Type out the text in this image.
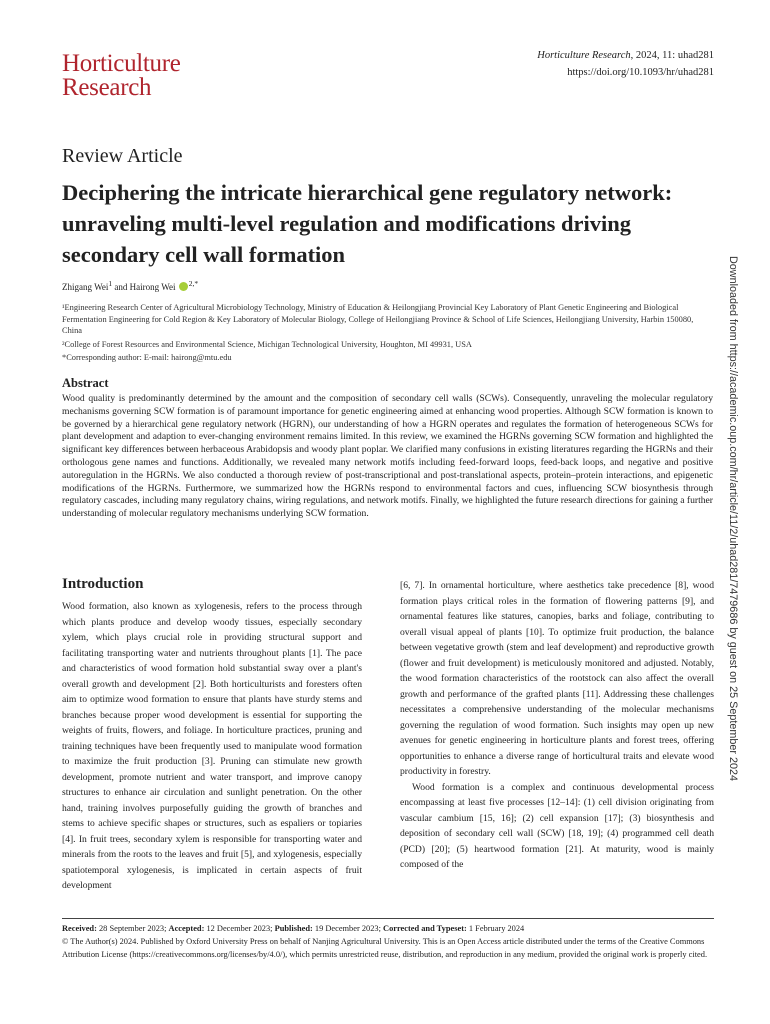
Horticulture
Research
Horticulture Research, 2024, 11: uhad281
https://doi.org/10.1093/hr/uhad281
Review Article
Deciphering the intricate hierarchical gene regulatory network: unraveling multi-level regulation and modifications driving secondary cell wall formation
Zhigang Wei$^1$ and Hairong Wei $^{2,*}$

¹Engineering Research Center of Agricultural Microbiology Technology, Ministry of Education & Heilongjiang Provincial Key Laboratory of Plant Genetic Engineering and Biological Fermentation Engineering for Cold Region & Key Laboratory of Molecular Biology, College of Heilongjiang Province & School of Life Sciences, Heilongjiang University, Harbin 150080, China

²College of Forest Resources and Environmental Science, Michigan Technological University, Houghton, MI 49931, USA

*Corresponding author: E-mail: hairong@mtu.edu

Abstract
Wood quality is predominantly determined by the amount and the composition of secondary cell walls (SCWs). Consequently, unraveling the molecular regulatory mechanisms governing SCW formation is of paramount importance for genetic engineering aimed at enhancing wood properties. Although SCW formation is known to be governed by a hierarchical gene regulatory network (HGRN), our understanding of how a HGRN operates and regulates the formation of heterogeneous SCWs for plant development and adaption to ever-changing environment remains limited. In this review, we examined the HGRNs governing SCW formation and highlighted the significant key differences between herbaceous Arabidopsis and woody plant poplar. We clarified many confusions in existing literatures regarding the HGRNs and their orthologous gene names and functions. Additionally, we revealed many network motifs including feed-forward loops, feed-back loops, and negative and positive autoregulation in the HGRNs. We also conducted a thorough review of post-transcriptional and post-translational aspects, protein–protein interactions, and epigenetic modifications of the HGRNs. Furthermore, we summarized how the HGRNs respond to environmental factors and cues, influencing SCW biosynthesis through regulatory cascades, including many regulatory chains, wiring regulations, and network motifs. Finally, we highlighted the future research directions for gaining a further understanding of molecular regulatory mechanisms underlying SCW formation.
Introduction

Wood formation, also known as xylogenesis, refers to the process through which plants produce and develop woody tissues, especially secondary xylem, which plays crucial role in providing structural support and facilitating transporting water and nutrients throughout plants [1]. The pace and characteristics of wood formation hold substantial sway over a plant's overall growth and development [2]. Both horticulturists and foresters often aim to optimize wood formation to ensure that plants have sturdy stems and branches because proper wood development is essential for supporting the weights of fruits, flowers, and foliage. In horticulture practices, pruning and training techniques have been frequently used to manipulate wood formation to maximize the fruit production [3]. Pruning can stimulate new growth development, promote nutrient and water transport, and improve canopy structures to enhance air circulation and sunlight penetration. On the other hand, training involves purposefully guiding the growth of branches and stems to achieve specific shapes or structures, such as espaliers or topiaries [4]. In fruit trees, secondary xylem is responsible for transporting water and minerals from the roots to the leaves and fruit [5], and xylogenesis, especially spatiotemporal xylogenesis, is implicated in certain aspects of fruit development

[6, 7]. In ornamental horticulture, where aesthetics take precedence [8], wood formation plays critical roles in the formation of flowering patterns [9], and ornamental features like statures, canopies, barks and foliage, contributing to overall visual appeal of plants [10]. To optimize fruit production, the balance between vegetative growth (stem and leaf development) and reproductive growth (flower and fruit development) is meticulously monitored and adjusted. Notably, the wood formation characteristics of the rootstock can also affect the overall growth and performance of the grafted plants [11]. Addressing these challenges necessitates a comprehensive understanding of the molecular mechanisms governing the regulation of wood formation. Such insights may open up new avenues for genetic engineering in horticulture plants and forest trees, offering opportunities to enhance a diverse range of horticultural traits and elevate wood productivity in forestry.

Wood formation is a complex and continuous developmental process encompassing at least five processes [12–14]: (1) cell division originating from vascular cambium [15, 16]; (2) cell expansion [17]; (3) biosynthesis and deposition of secondary cell wall (SCW) [18, 19]; (4) programmed cell death (PCD) [20]; (5) heartwood formation [21]. At maturity, wood is mainly composed of the

Received: 28 September 2023; Accepted: 12 December 2023; Published: 19 December 2023; Corrected and Typeset: 1 February 2024

© The Author(s) 2024. Published by Oxford University Press on behalf of Nanjing Agricultural University. This is an Open Access article distributed under the terms of the Creative Commons Attribution License (https://creativecommons.org/licenses/by/4.0/), which permits unrestricted reuse, distribution, and reproduction in any medium, provided the original work is properly cited.

Downloaded from https://academic.oup.com/hr/article/11/2/uhad281/7479686 by guest on 25 September 2024
